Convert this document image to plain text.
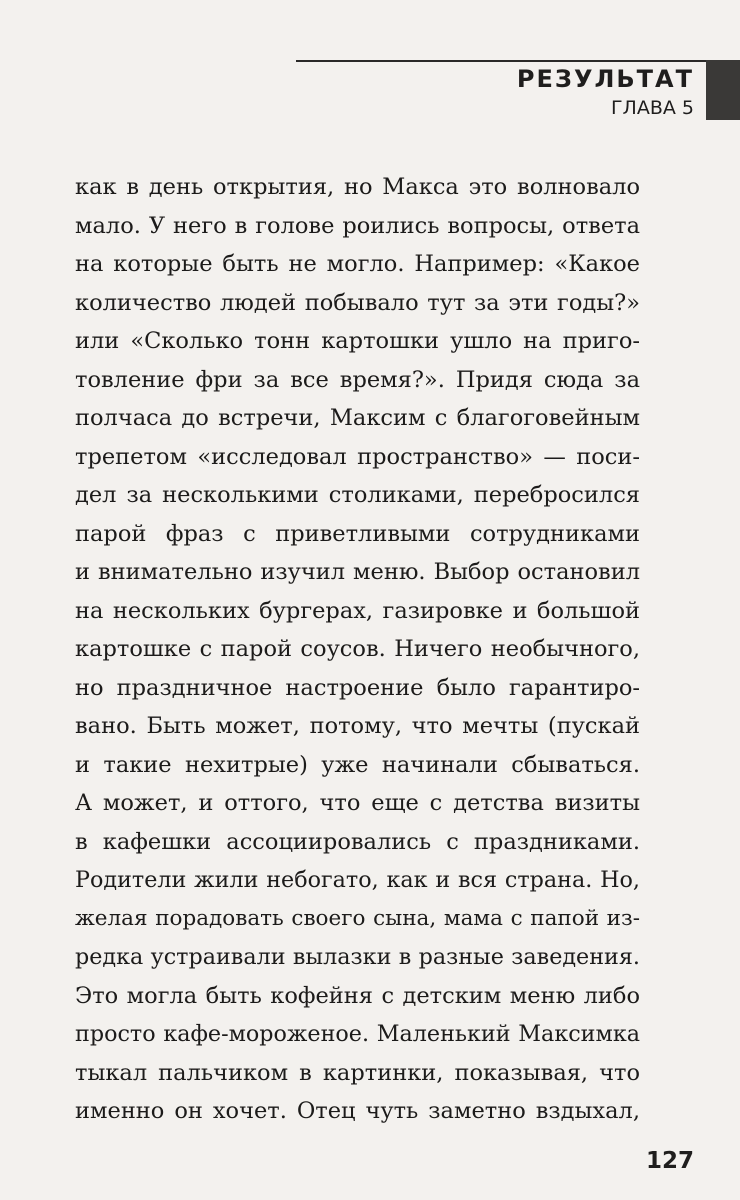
РЕЗУЛЬТАТ
ГЛАВА 5
как в день открытия, но Макса это волновало
мало. У него в голове роились вопросы, ответа
на которые быть не могло. Например: «Какое
количество людей побывало тут за эти годы?»
или «Сколько тонн картошки ушло на приго-
товление фри за все время?». Придя сюда за
полчаса до встречи, Максим с благоговейным
трепетом «исследовал пространство» — поси-
дел за несколькими столиками, перебросился
парой фраз с приветливыми сотрудниками
и внимательно изучил меню. Выбор остановил
на нескольких бургерах, газировке и большой
картошке с парой соусов. Ничего необычного,
но праздничное настроение было гарантиро-
вано. Быть может, потому, что мечты (пускай
и такие нехитрые) уже начинали сбываться.
А может, и оттого, что еще с детства визиты
в кафешки ассоциировались с праздниками.
Родители жили небогато, как и вся страна. Но,
желая порадовать своего сына, мама с папой из-
редка устраивали вылазки в разные заведения.
Это могла быть кофейня с детским меню либо
просто кафе-мороженое. Маленький Максимка
тыкал пальчиком в картинки, показывая, что
именно он хочет. Отец чуть заметно вздыхал,
127
